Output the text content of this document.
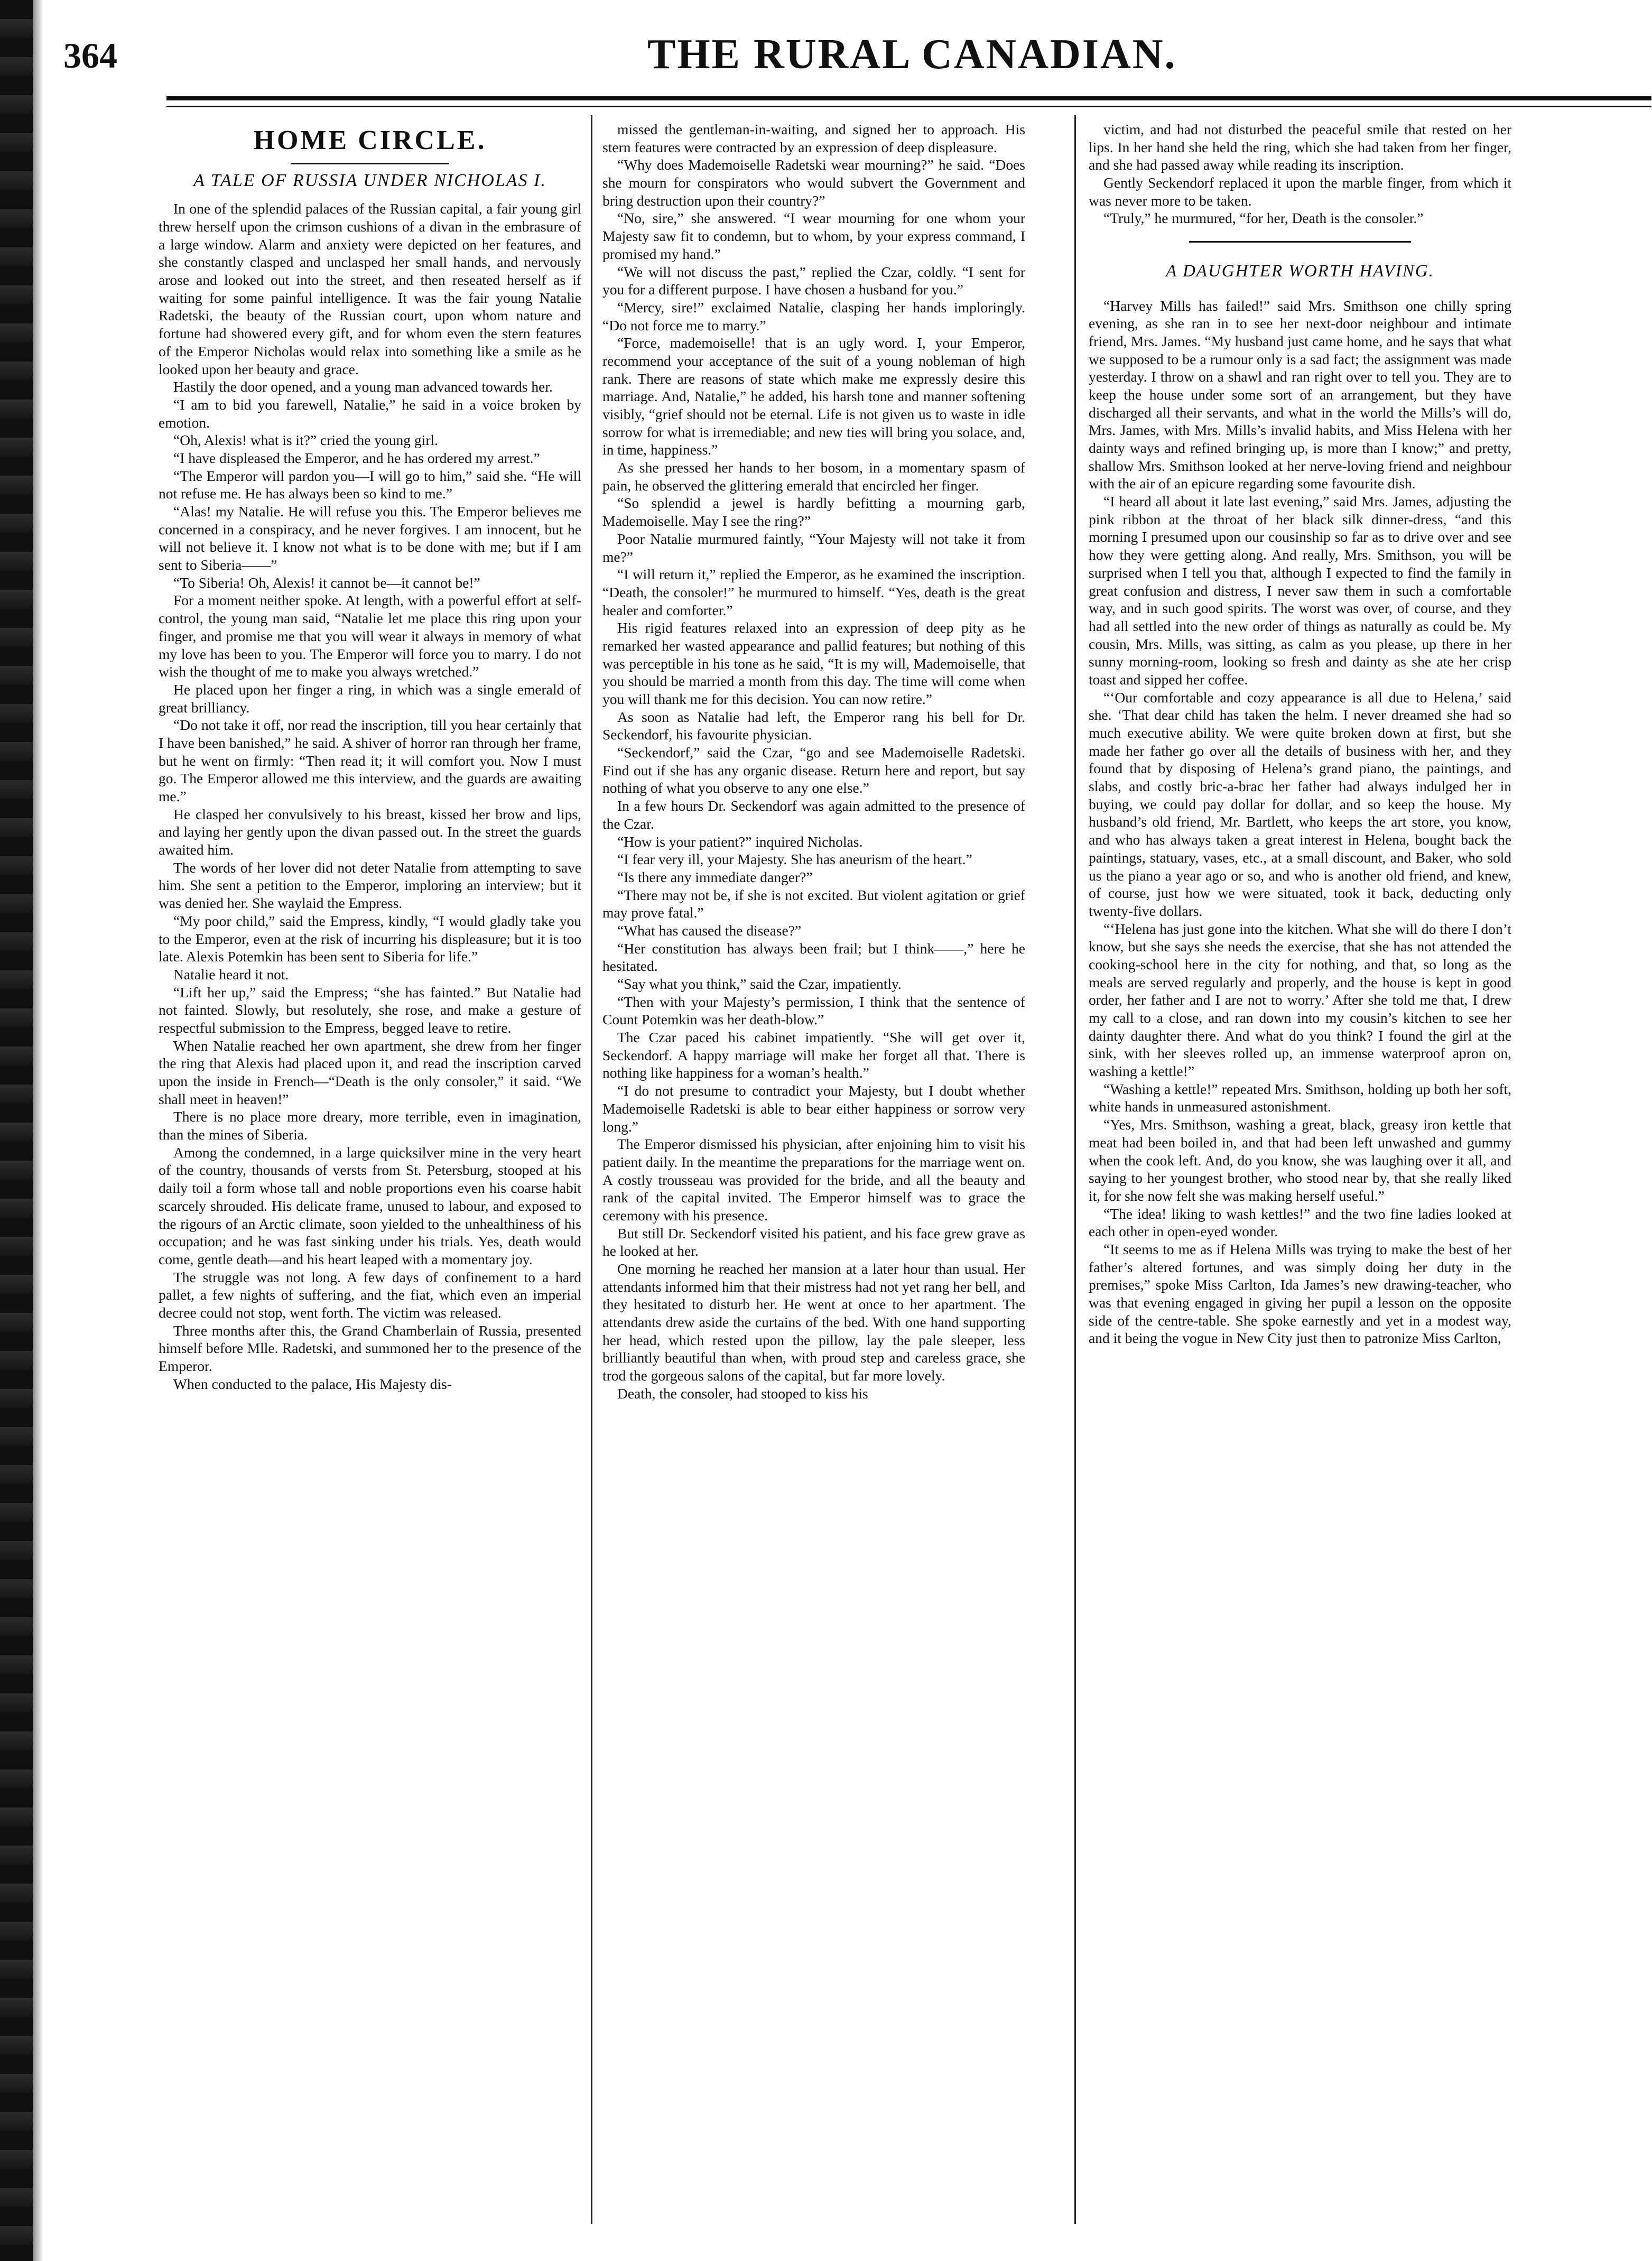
364	THE RURAL CANADIAN.
HOME CIRCLE.
A TALE OF RUSSIA UNDER NICHOLAS I.

In one of the splendid palaces of the Russian capital, a fair young girl threw herself upon the crimson cushions of a divan in the embrasure of a large window. Alarm and anxiety were depicted on her features, and she constantly clasped and unclasped her small hands, and nervously arose and looked out into the street, and then reseated herself as if waiting for some painful intelligence. It was the fair young Natalie Radetski, the beauty of the Russian court, upon whom nature and fortune had showered every gift, and for whom even the stern features of the Emperor Nicholas would relax into something like a smile as he looked upon her beauty and grace.

Hastily the door opened, and a young man advanced towards her.

“I am to bid you farewell, Natalie,” he said in a voice broken by emotion.

“Oh, Alexis! what is it?” cried the young girl.

“I have displeased the Emperor, and he has ordered my arrest.”

“The Emperor will pardon you—I will go to him,” said she. “He will not refuse me. He has always been so kind to me.”

“Alas! my Natalie. He will refuse you this. The Emperor believes me concerned in a conspiracy, and he never forgives. I am innocent, but he will not believe it. I know not what is to be done with me; but if I am sent to Siberia——”

“To Siberia! Oh, Alexis! it cannot be—it cannot be!”

For a moment neither spoke. At length, with a powerful effort at self-control, the young man said, “Natalie let me place this ring upon your finger, and promise me that you will wear it always in memory of what my love has been to you. The Emperor will force you to marry. I do not wish the thought of me to make you always wretched.”

He placed upon her finger a ring, in which was a single emerald of great brilliancy.

“Do not take it off, nor read the inscription, till you hear certainly that I have been banished,” he said. A shiver of horror ran through her frame, but he went on firmly: “Then read it; it will comfort you. Now I must go. The Emperor allowed me this interview, and the guards are awaiting me.”

He clasped her convulsively to his breast, kissed her brow and lips, and laying her gently upon the divan passed out. In the street the guards awaited him.

The words of her lover did not deter Natalie from attempting to save him. She sent a petition to the Emperor, imploring an interview; but it was denied her. She waylaid the Empress.

“My poor child,” said the Empress, kindly, “I would gladly take you to the Emperor, even at the risk of incurring his displeasure; but it is too late. Alexis Potemkin has been sent to Siberia for life.”

Natalie heard it not.

“Lift her up,” said the Empress; “she has fainted.” But Natalie had not fainted. Slowly, but resolutely, she rose, and make a gesture of respectful submission to the Empress, begged leave to retire.

When Natalie reached her own apartment, she drew from her finger the ring that Alexis had placed upon it, and read the inscription carved upon the inside in French—“Death is the only consoler,” it said. “We shall meet in heaven!”

There is no place more dreary, more terrible, even in imagination, than the mines of Siberia.

Among the condemned, in a large quicksilver mine in the very heart of the country, thousands of versts from St. Petersburg, stooped at his daily toil a form whose tall and noble proportions even his coarse habit scarcely shrouded. His delicate frame, unused to labour, and exposed to the rigours of an Arctic climate, soon yielded to the unhealthiness of his occupation; and he was fast sinking under his trials. Yes, death would come, gentle death—and his heart leaped with a momentary joy.

The struggle was not long. A few days of confinement to a hard pallet, a few nights of suffering, and the fiat, which even an imperial decree could not stop, went forth. The victim was released.

Three months after this, the Grand Chamberlain of Russia, presented himself before Mlle. Radetski, and summoned her to the presence of the Emperor.

When conducted to the palace, His Majesty dis-

missed the gentleman-in-waiting, and signed her to approach. His stern features were contracted by an expression of deep displeasure.

“Why does Mademoiselle Radetski wear mourning?” he said. “Does she mourn for conspirators who would subvert the Government and bring destruction upon their country?”

“No, sire,” she answered. “I wear mourning for one whom your Majesty saw fit to condemn, but to whom, by your express command, I promised my hand.”

“We will not discuss the past,” replied the Czar, coldly. “I sent for you for a different purpose. I have chosen a husband for you.”

“Mercy, sire!” exclaimed Natalie, clasping her hands imploringly. “Do not force me to marry.”

“Force, mademoiselle! that is an ugly word. I, your Emperor, recommend your acceptance of the suit of a young nobleman of high rank. There are reasons of state which make me expressly desire this marriage. And, Natalie,” he added, his harsh tone and manner softening visibly, “grief should not be eternal. Life is not given us to waste in idle sorrow for what is irremediable; and new ties will bring you solace, and, in time, happiness.”

As she pressed her hands to her bosom, in a momentary spasm of pain, he observed the glittering emerald that encircled her finger.

“So splendid a jewel is hardly befitting a mourning garb, Mademoiselle. May I see the ring?”

Poor Natalie murmured faintly, “Your Majesty will not take it from me?”

“I will return it,” replied the Emperor, as he examined the inscription. “Death, the consoler!” he murmured to himself. “Yes, death is the great healer and comforter.”

His rigid features relaxed into an expression of deep pity as he remarked her wasted appearance and pallid features; but nothing of this was perceptible in his tone as he said, “It is my will, Mademoiselle, that you should be married a month from this day. The time will come when you will thank me for this decision. You can now retire.”

As soon as Natalie had left, the Emperor rang his bell for Dr. Seckendorf, his favourite physician.

“Seckendorf,” said the Czar, “go and see Mademoiselle Radetski. Find out if she has any organic disease. Return here and report, but say nothing of what you observe to any one else.”

In a few hours Dr. Seckendorf was again admitted to the presence of the Czar.

“How is your patient?” inquired Nicholas.

“I fear very ill, your Majesty. She has aneurism of the heart.”

“Is there any immediate danger?”

“There may not be, if she is not excited. But violent agitation or grief may prove fatal.”

“What has caused the disease?”

“Her constitution has always been frail; but I think——,” here he hesitated.

“Say what you think,” said the Czar, impatiently.

“Then with your Majesty’s permission, I think that the sentence of Count Potemkin was her death-blow.”

The Czar paced his cabinet impatiently. “She will get over it, Seckendorf. A happy marriage will make her forget all that. There is nothing like happiness for a woman’s health.”

“I do not presume to contradict your Majesty, but I doubt whether Mademoiselle Radetski is able to bear either happiness or sorrow very long.”

The Emperor dismissed his physician, after enjoining him to visit his patient daily. In the meantime the preparations for the marriage went on. A costly trousseau was provided for the bride, and all the beauty and rank of the capital invited. The Emperor himself was to grace the ceremony with his presence.

But still Dr. Seckendorf visited his patient, and his face grew grave as he looked at her.

One morning he reached her mansion at a later hour than usual. Her attendants informed him that their mistress had not yet rang her bell, and they hesitated to disturb her. He went at once to her apartment. The attendants drew aside the curtains of the bed. With one hand supporting her head, which rested upon the pillow, lay the pale sleeper, less brilliantly beautiful than when, with proud step and careless grace, she trod the gorgeous salons of the capital, but far more lovely.

Death, the consoler, had stooped to kiss his

victim, and had not disturbed the peaceful smile that rested on her lips. In her hand she held the ring, which she had taken from her finger, and she had passed away while reading its inscription.

Gently Seckendorf replaced it upon the marble finger, from which it was never more to be taken.

“Truly,” he murmured, “for her, Death is the consoler.”

A DAUGHTER WORTH HAVING.

“Harvey Mills has failed!” said Mrs. Smithson one chilly spring evening, as she ran in to see her next-door neighbour and intimate friend, Mrs. James. “My husband just came home, and he says that what we supposed to be a rumour only is a sad fact; the assignment was made yesterday. I throw on a shawl and ran right over to tell you. They are to keep the house under some sort of an arrangement, but they have discharged all their servants, and what in the world the Mills’s will do, Mrs. James, with Mrs. Mills’s invalid habits, and Miss Helena with her dainty ways and refined bringing up, is more than I know;” and pretty, shallow Mrs. Smithson looked at her nerve-loving friend and neighbour with the air of an epicure regarding some favourite dish.

“I heard all about it late last evening,” said Mrs. James, adjusting the pink ribbon at the throat of her black silk dinner-dress, “and this morning I presumed upon our cousinship so far as to drive over and see how they were getting along. And really, Mrs. Smithson, you will be surprised when I tell you that, although I expected to find the family in great confusion and distress, I never saw them in such a comfortable way, and in such good spirits. The worst was over, of course, and they had all settled into the new order of things as naturally as could be. My cousin, Mrs. Mills, was sitting, as calm as you please, up there in her sunny morning-room, looking so fresh and dainty as she ate her crisp toast and sipped her coffee.

“‘Our comfortable and cozy appearance is all due to Helena,’ said she. ‘That dear child has taken the helm. I never dreamed she had so much executive ability. We were quite broken down at first, but she made her father go over all the details of business with her, and they found that by disposing of Helena’s grand piano, the paintings, and slabs, and costly bric-a-brac her father had always indulged her in buying, we could pay dollar for dollar, and so keep the house. My husband’s old friend, Mr. Bartlett, who keeps the art store, you know, and who has always taken a great interest in Helena, bought back the paintings, statuary, vases, etc., at a small discount, and Baker, who sold us the piano a year ago or so, and who is another old friend, and knew, of course, just how we were situated, took it back, deducting only twenty-five dollars.

“‘Helena has just gone into the kitchen. What she will do there I don’t know, but she says she needs the exercise, that she has not attended the cooking-school here in the city for nothing, and that, so long as the meals are served regularly and properly, and the house is kept in good order, her father and I are not to worry.’ After she told me that, I drew my call to a close, and ran down into my cousin’s kitchen to see her dainty daughter there. And what do you think? I found the girl at the sink, with her sleeves rolled up, an immense waterproof apron on, washing a kettle!”

“Washing a kettle!” repeated Mrs. Smithson, holding up both her soft, white hands in unmeasured astonishment.

“Yes, Mrs. Smithson, washing a great, black, greasy iron kettle that meat had been boiled in, and that had been left unwashed and gummy when the cook left. And, do you know, she was laughing over it all, and saying to her youngest brother, who stood near by, that she really liked it, for she now felt she was making herself useful.”

“The idea! liking to wash kettles!” and the two fine ladies looked at each other in open-eyed wonder.

“It seems to me as if Helena Mills was trying to make the best of her father’s altered fortunes, and was simply doing her duty in the premises,” spoke Miss Carlton, Ida James’s new drawing-teacher, who was that evening engaged in giving her pupil a lesson on the opposite side of the centre-table. She spoke earnestly and yet in a modest way, and it being the vogue in New City just then to patronize Miss Carlton,
